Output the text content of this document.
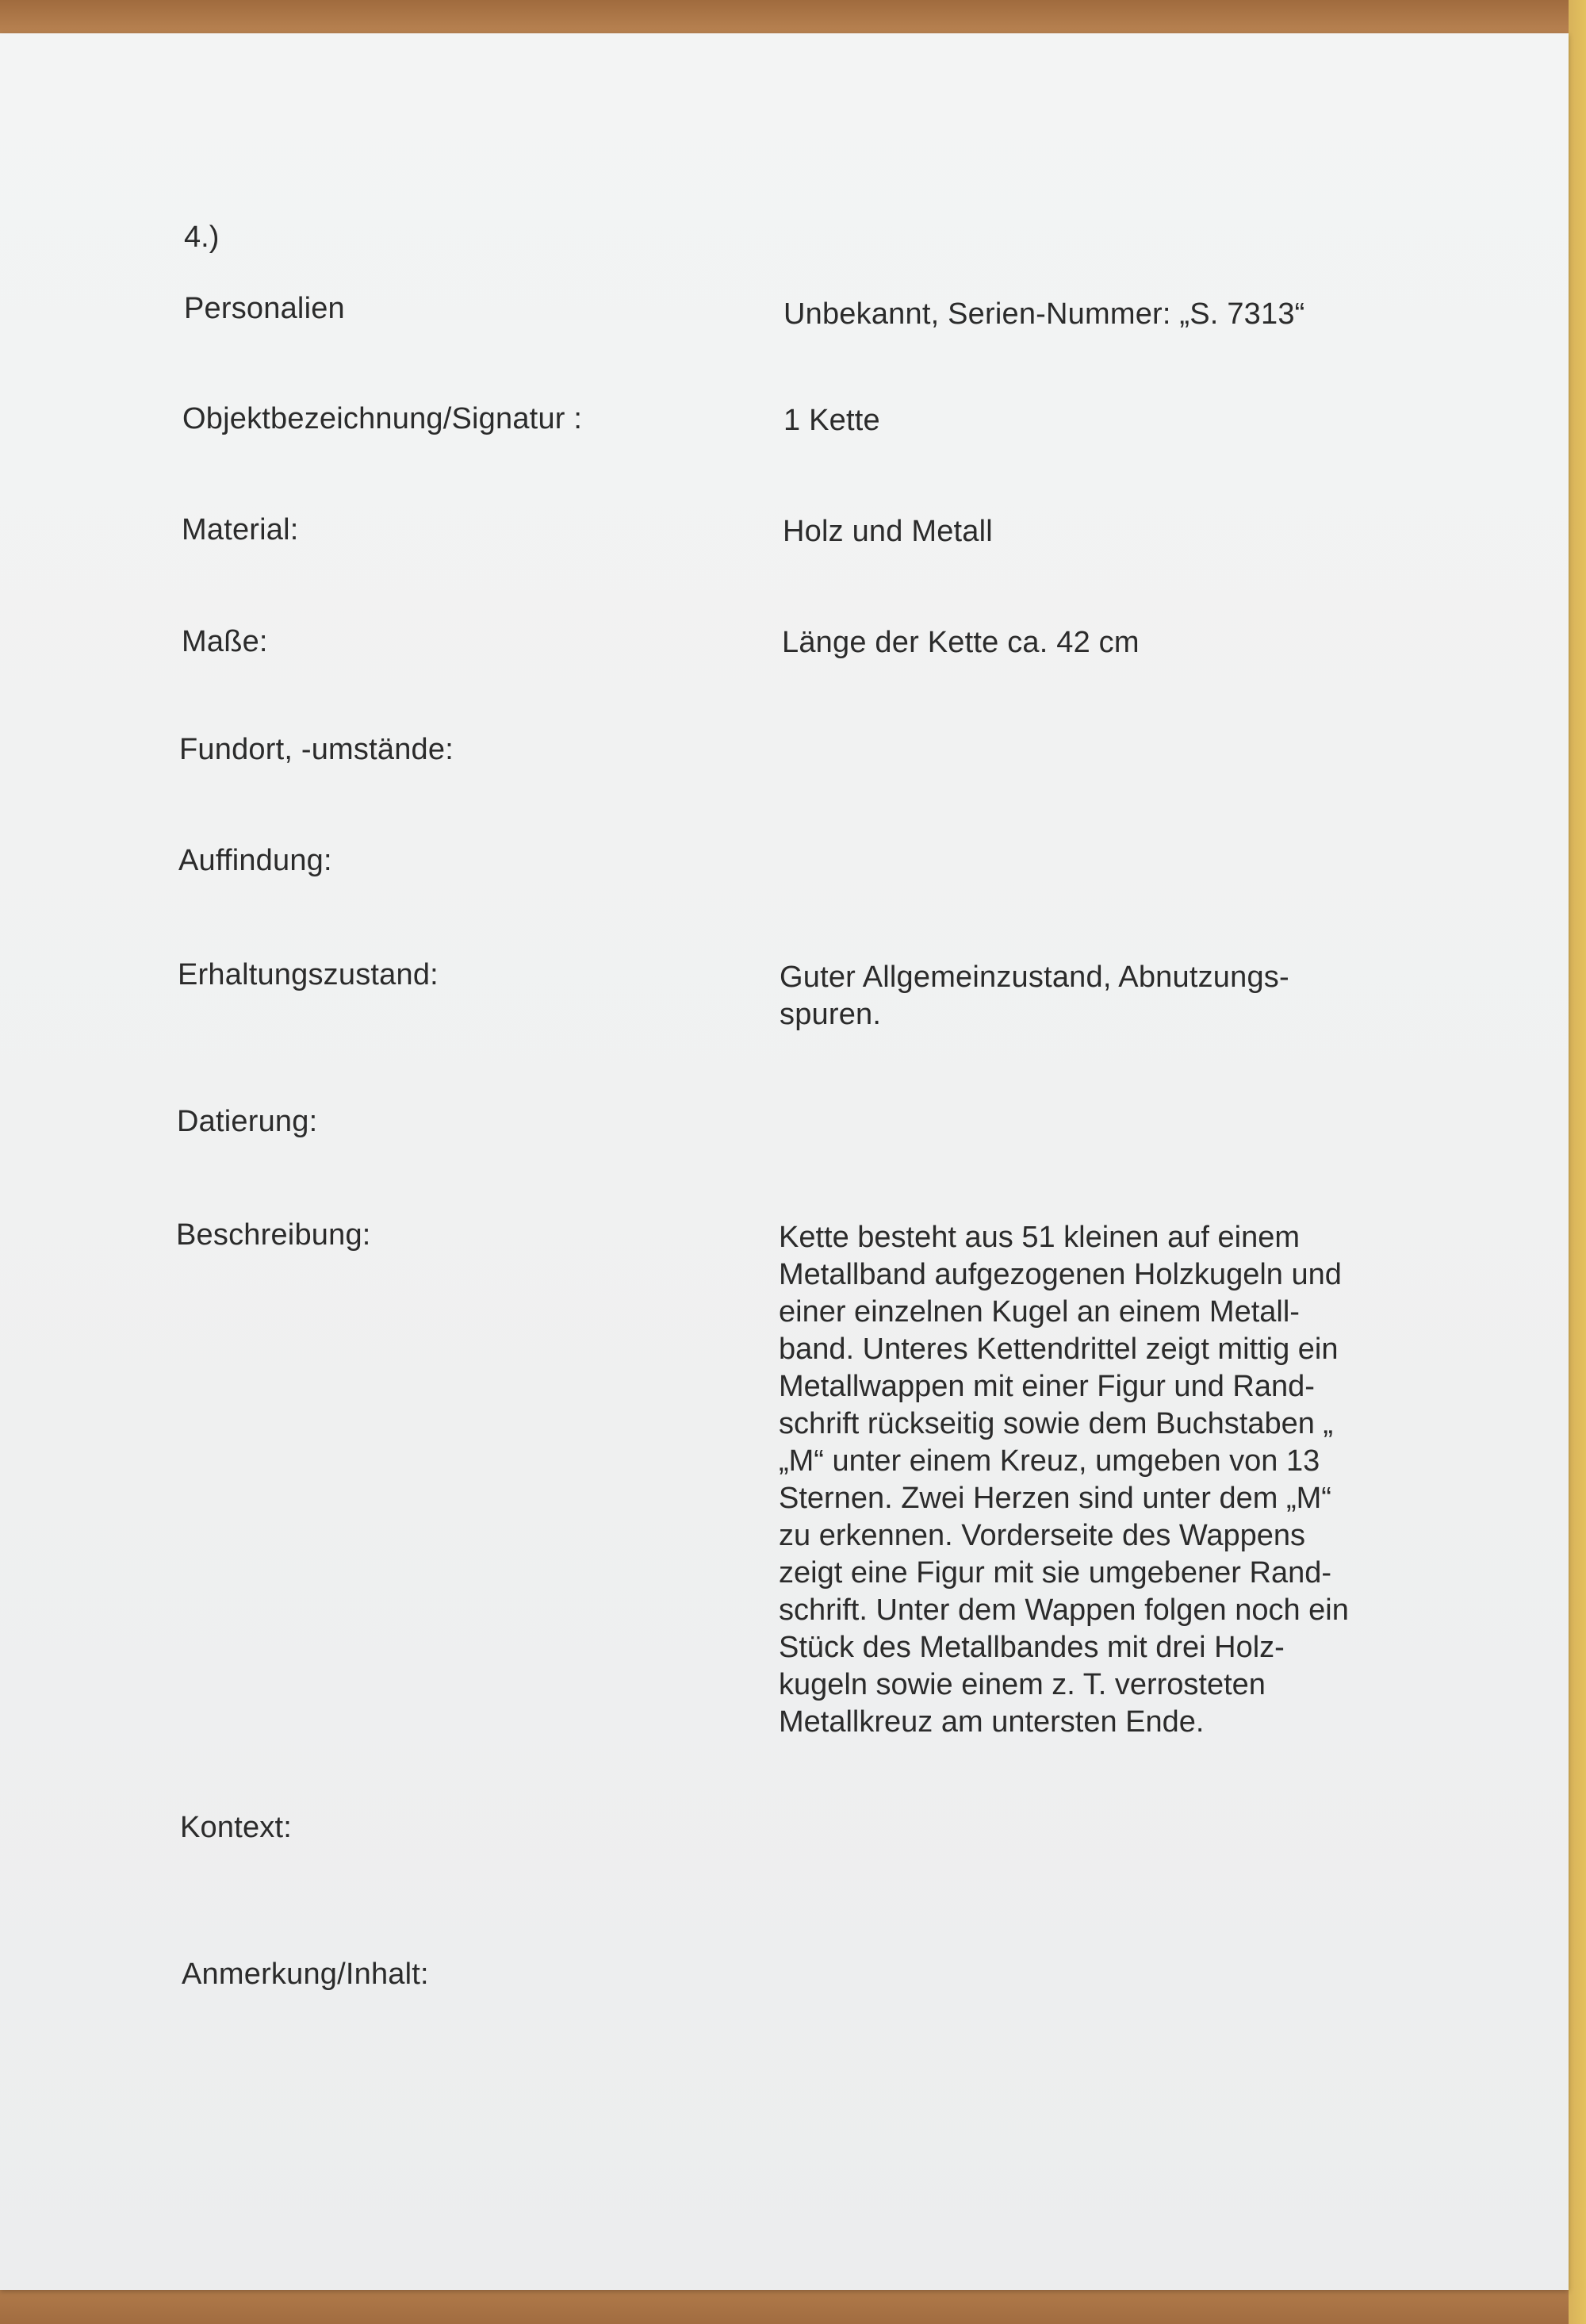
4.)
Personalien	Unbekannt, Serien-Nummer: „S. 7313“
Objektbezeichnung/Signatur :	1 Kette
Material:	Holz und Metall
Maße:	Länge der Kette ca. 42 cm
Fundort, -umstände:
Auffindung:
Erhaltungszustand:	Guter Allgemeinzustand, Abnutzungs-
spuren.
Datierung:
Beschreibung:	Kette besteht aus 51 kleinen auf einem
Metallband aufgezogenen Holzkugeln und
einer einzelnen Kugel an einem Metall-
band. Unteres Kettendrittel zeigt mittig ein
Metallwappen mit einer Figur und Rand-
schrift rückseitig sowie dem Buchstaben „
„M“ unter einem Kreuz, umgeben von 13
Sternen. Zwei Herzen sind unter dem „M“
zu erkennen. Vorderseite des Wappens
zeigt eine Figur mit sie umgebener Rand-
schrift. Unter dem Wappen folgen noch ein
Stück des Metallbandes mit drei Holz-
kugeln sowie einem z. T. verrosteten
Metallkreuz am untersten Ende.
Kontext:
Anmerkung/Inhalt:
